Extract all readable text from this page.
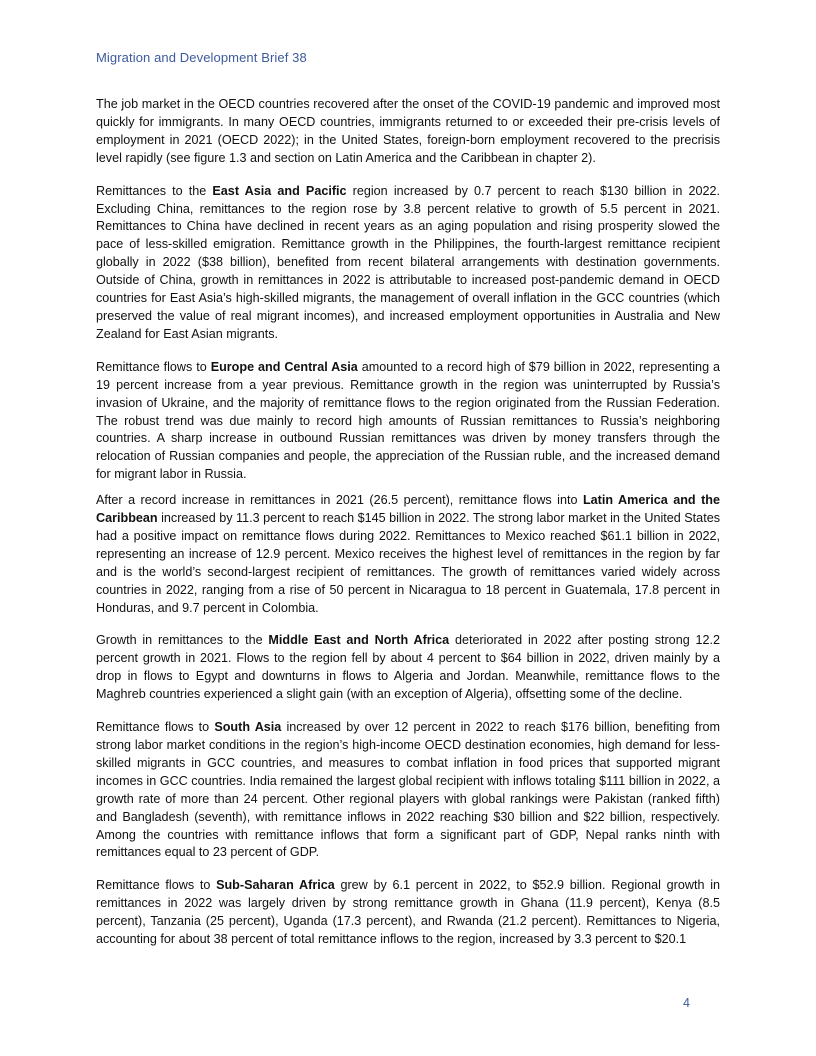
Migration and Development Brief 38

The job market in the OECD countries recovered after the onset of the COVID-19 pandemic and improved most quickly for immigrants. In many OECD countries, immigrants returned to or exceeded their pre-crisis levels of employment in 2021 (OECD 2022); in the United States, foreign-born employment recovered to the precrisis level rapidly (see figure 1.3 and section on Latin America and the Caribbean in chapter 2).

Remittances to the East Asia and Pacific region increased by 0.7 percent to reach $130 billion in 2022. Excluding China, remittances to the region rose by 3.8 percent relative to growth of 5.5 percent in 2021. Remittances to China have declined in recent years as an aging population and rising prosperity slowed the pace of less-skilled emigration. Remittance growth in the Philippines, the fourth-largest remittance recipient globally in 2022 ($38 billion), benefited from recent bilateral arrangements with destination governments. Outside of China, growth in remittances in 2022 is attributable to increased post-pandemic demand in OECD countries for East Asia’s high-skilled migrants, the management of overall inflation in the GCC countries (which preserved the value of real migrant incomes), and increased employment opportunities in Australia and New Zealand for East Asian migrants.

Remittance flows to Europe and Central Asia amounted to a record high of $79 billion in 2022, representing a 19 percent increase from a year previous. Remittance growth in the region was uninterrupted by Russia’s invasion of Ukraine, and the majority of remittance flows to the region originated from the Russian Federation. The robust trend was due mainly to record high amounts of Russian remittances to Russia’s neighboring countries. A sharp increase in outbound Russian remittances was driven by money transfers through the relocation of Russian companies and people, the appreciation of the Russian ruble, and the increased demand for migrant labor in Russia.

After a record increase in remittances in 2021 (26.5 percent), remittance flows into Latin America and the Caribbean increased by 11.3 percent to reach $145 billion in 2022. The strong labor market in the United States had a positive impact on remittance flows during 2022. Remittances to Mexico reached $61.1 billion in 2022, representing an increase of 12.9 percent. Mexico receives the highest level of remittances in the region by far and is the world’s second-largest recipient of remittances. The growth of remittances varied widely across countries in 2022, ranging from a rise of 50 percent in Nicaragua to 18 percent in Guatemala, 17.8 percent in Honduras, and 9.7 percent in Colombia.

Growth in remittances to the Middle East and North Africa deteriorated in 2022 after posting strong 12.2 percent growth in 2021. Flows to the region fell by about 4 percent to $64 billion in 2022, driven mainly by a drop in flows to Egypt and downturns in flows to Algeria and Jordan. Meanwhile, remittance flows to the Maghreb countries experienced a slight gain (with an exception of Algeria), offsetting some of the decline.

Remittance flows to South Asia increased by over 12 percent in 2022 to reach $176 billion, benefiting from strong labor market conditions in the region’s high-income OECD destination economies, high demand for less-skilled migrants in GCC countries, and measures to combat inflation in food prices that supported migrant incomes in GCC countries. India remained the largest global recipient with inflows totaling $111 billion in 2022, a growth rate of more than 24 percent. Other regional players with global rankings were Pakistan (ranked fifth) and Bangladesh (seventh), with remittance inflows in 2022 reaching $30 billion and $22 billion, respectively. Among the countries with remittance inflows that form a significant part of GDP, Nepal ranks ninth with remittances equal to 23 percent of GDP.

Remittance flows to Sub-Saharan Africa grew by 6.1 percent in 2022, to $52.9 billion. Regional growth in remittances in 2022 was largely driven by strong remittance growth in Ghana (11.9 percent), Kenya (8.5 percent), Tanzania (25 percent), Uganda (17.3 percent), and Rwanda (21.2 percent). Remittances to Nigeria, accounting for about 38 percent of total remittance inflows to the region, increased by 3.3 percent to $20.1

4
